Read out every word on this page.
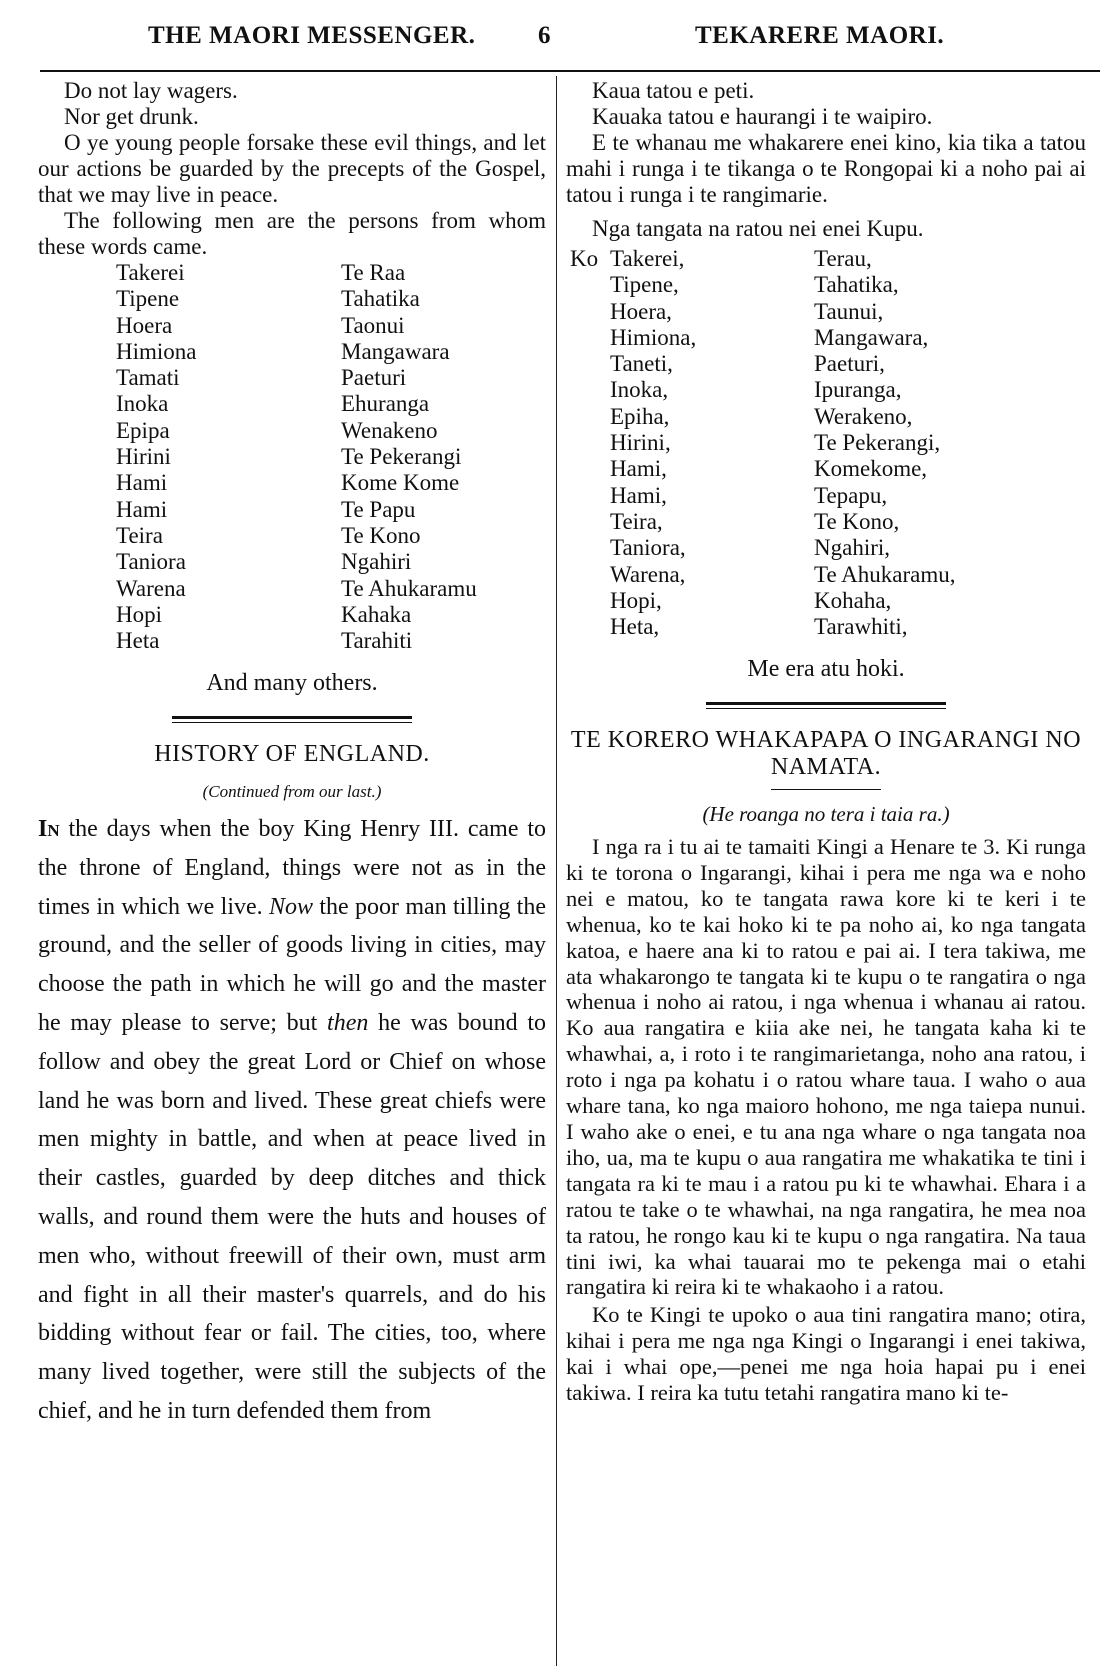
THE MAORI MESSENGER.	6	TEKARERE MAORI.

Do not lay wagers.

Nor get drunk.

O ye young people forsake these evil things, and let our actions be guarded by the precepts of the Gospel, that we may live in peace.

The following men are the persons from whom these words came.

Takerei
Tipene
Hoera
Himiona
Tamati
Inoka
Epipa
Hirini
Hami
Hami
Teira
Taniora
Warena
Hopi
Heta
Te Raa
Tahatika
Taonui
Mangawara
Paeturi
Ehuranga
Wenakeno
Te Pekerangi
Kome Kome
Te Papu
Te Kono
Ngahiri
Te Ahukaramu
Kahaka
Tarahiti
And many others.
HISTORY OF ENGLAND.
(Continued from our last.)

In the days when the boy King Henry III. came to the throne of England, things were not as in the times in which we live. Now the poor man tilling the ground, and the seller of goods living in cities, may choose the path in which he will go and the master he may please to serve; but then he was bound to follow and obey the great Lord or Chief on whose land he was born and lived. These great chiefs were men mighty in battle, and when at peace lived in their castles, guarded by deep ditches and thick walls, and round them were the huts and houses of men who, without freewill of their own, must arm and fight in all their master's quarrels, and do his bidding without fear or fail. The cities, too, where many lived together, were still the subjects of the chief, and he in turn defended them from

Kaua tatou e peti.

Kauaka tatou e haurangi i te waipiro.

E te whanau me whakarere enei kino, kia tika a tatou mahi i runga i te tikanga o te Rongopai ki a noho pai ai tatou i runga i te rangimarie.

Nga tangata na ratou nei enei Kupu.

Ko Takerei,
Tipene,
Hoera,
Himiona,
Taneti,
Inoka,
Epiha,
Hirini,
Hami,
Hami,
Teira,
Taniora,
Warena,
Hopi,
Heta,
Terau,
Tahatika,
Taunui,
Mangawara,
Paeturi,
Ipuranga,
Werakeno,
Te Pekerangi,
Komekome,
Tepapu,
Te Kono,
Ngahiri,
Te Ahukaramu,
Kohaha,
Tarawhiti,
Me era atu hoki.
TE KORERO WHAKAPAPA O INGARANGI NO NAMATA.
(He roanga no tera i taia ra.)

I nga ra i tu ai te tamaiti Kingi a Henare te 3. Ki runga ki te torona o Ingarangi, kihai i pera me nga wa e noho nei e matou, ko te tangata rawa kore ki te keri i te whenua, ko te kai hoko ki te pa noho ai, ko nga tangata katoa, e haere ana ki to ratou e pai ai. I tera takiwa, me ata whakarongo te tangata ki te kupu o te rangatira o nga whenua i noho ai ratou, i nga whenua i whanau ai ratou. Ko aua rangatira e kiia ake nei, he tangata kaha ki te whawhai, a, i roto i te rangimarietanga, noho ana ratou, i roto i nga pa kohatu i o ratou whare taua. I waho o aua whare tana, ko nga maioro hohono, me nga taiepa nunui. I waho ake o enei, e tu ana nga whare o nga tangata noa iho, ua, ma te kupu o aua rangatira me whakatika te tini i tangata ra ki te mau i a ratou pu ki te whawhai. Ehara i a ratou te take o te whawhai, na nga rangatira, he mea noa ta ratou, he rongo kau ki te kupu o nga rangatira. Na taua tini iwi, ka whai tauarai mo te pekenga mai o etahi rangatira ki reira ki te whakaoho i a ratou.

Ko te Kingi te upoko o aua tini rangatira mano; otira, kihai i pera me nga nga Kingi o Ingarangi i enei takiwa, kai i whai ope,—penei me nga hoia hapai pu i enei takiwa. I reira ka tutu tetahi rangatira mano ki te-
